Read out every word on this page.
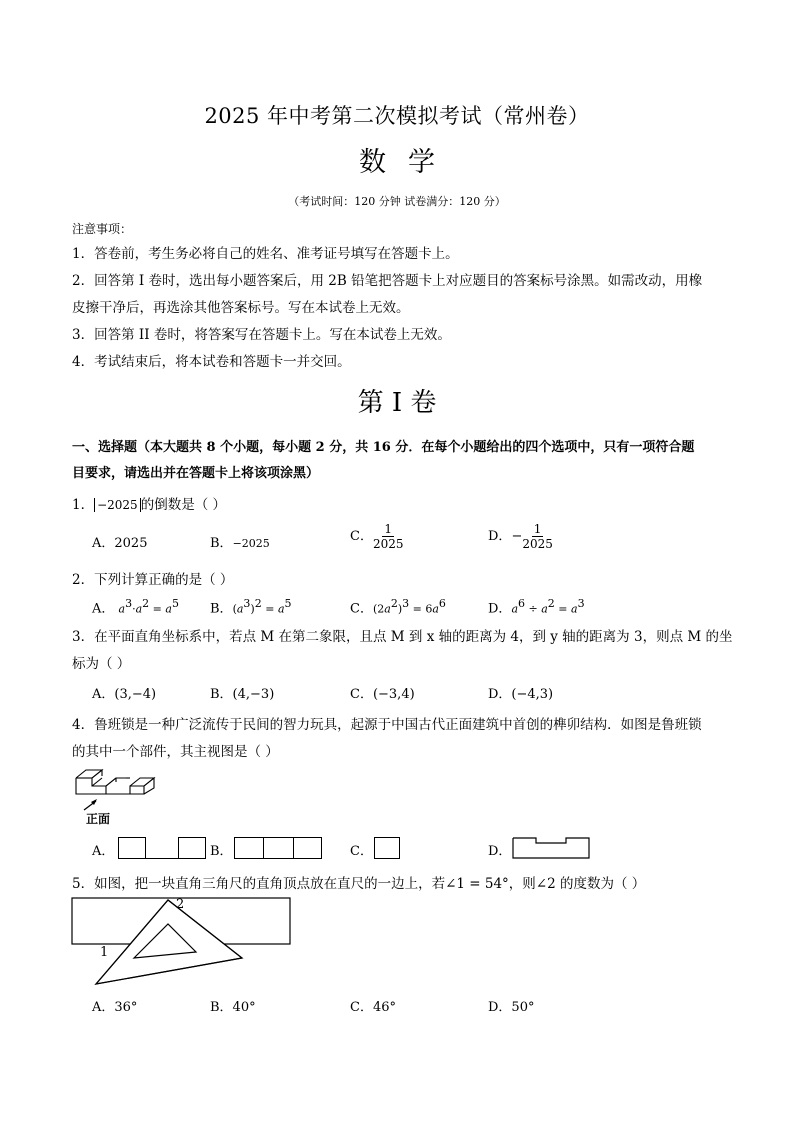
2025 年中考第二次模拟考试（常州卷）
数学
（考试时间：120 分钟 试卷满分：120 分）
注意事项：
1．答卷前，考生务必将自己的姓名、准考证号填写在答题卡上。
2．回答第 I 卷时，选出每小题答案后，用 2B 铅笔把答题卡上对应题目的答案标号涂黑。如需改动，用橡
皮擦干净后，再选涂其他答案标号。写在本试卷上无效。
3．回答第 II 卷时，将答案写在答题卡上。写在本试卷上无效。
4．考试结束后，将本试卷和答题卡一并交回。
第 I 卷
一、选择题（本大题共 8 个小题，每小题 2 分，共 16 分．在每个小题给出的四个选项中，只有一项符合题
目要求，请选出并在答题卡上将该项涂黑）
1． −2025 的倒数是（ ）
A．2025	B．−2025	C． $\frac{1}{2025}$	D．− $\frac{1}{2025}$
2．下列计算正确的是（ ）
A． $a^3\cdot a^2 = a^5$ B．$(a^3)^2 = a^5$	C．$(2a^2)^3 = 6a^6$	D．$a^6 \div a^2 = a^3$
3．在平面直角坐标系中，若点 M 在第二象限，且点 M 到 x 轴的距离为 4，到 y 轴的距离为 3，则点 M 的坐
标为（ ）
A．(3,−4)	B．(4,−3)	C．(−3,4)	D．(−4,3)
4．鲁班锁是一种广泛流传于民间的智力玩具，起源于中国古代正面建筑中首创的榫卯结构．如图是鲁班锁
的其中一个部件，其主视图是（ ）
正面
A．	B．	C．	D．
5．如图，把一块直角三角尺的直角顶点放在直尺的一边上，若∠1 = 54°，则∠2 的度数为（ ）
1
2
A．36°	B．40°	C．46°	D．50°
